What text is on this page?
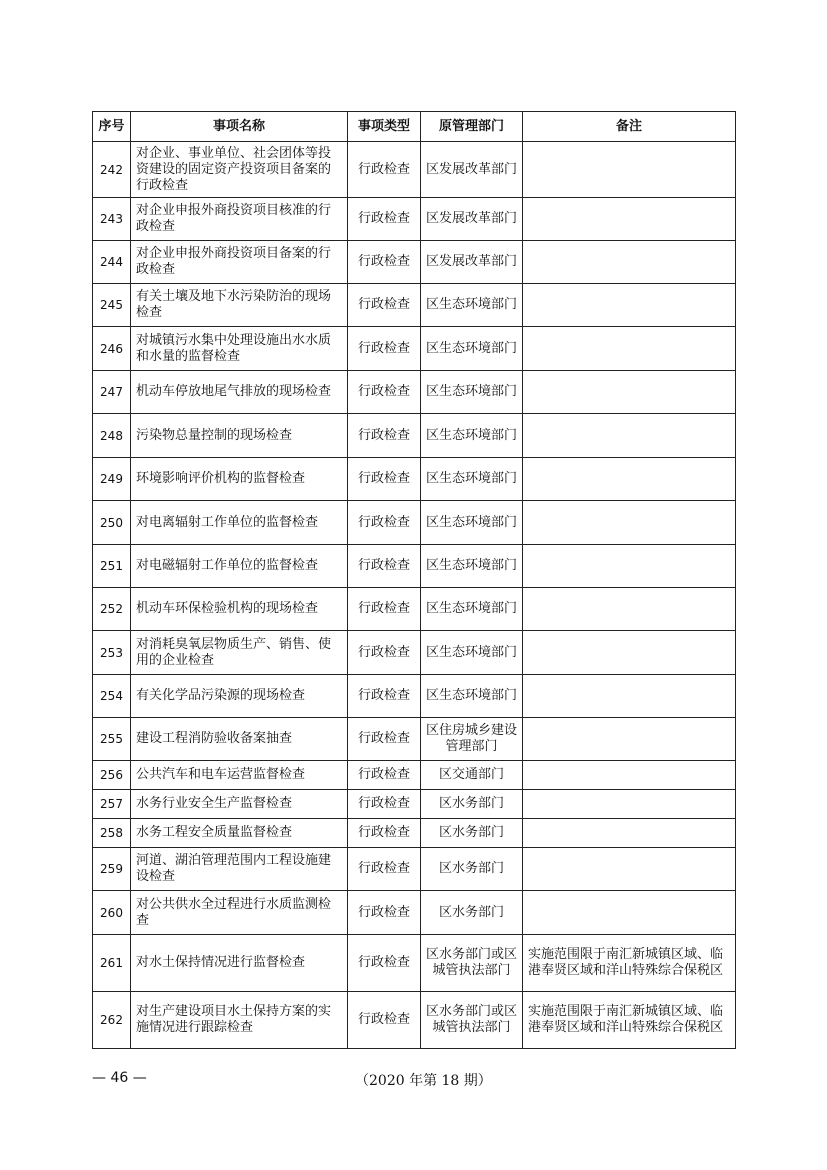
序号	事项名称	事项类型	原管理部门	备注
242	对企业、事业单位、社会团体等投资建设的固定资产投资项目备案的行政检查	行政检查	区发展改革部门	
243	对企业申报外商投资项目核准的行政检查	行政检查	区发展改革部门	
244	对企业申报外商投资项目备案的行政检查	行政检查	区发展改革部门	
245	有关土壤及地下水污染防治的现场检查	行政检查	区生态环境部门	
246	对城镇污水集中处理设施出水水质和水量的监督检查	行政检查	区生态环境部门	
247	机动车停放地尾气排放的现场检查	行政检查	区生态环境部门	
248	污染物总量控制的现场检查	行政检查	区生态环境部门	
249	环境影响评价机构的监督检查	行政检查	区生态环境部门	
250	对电离辐射工作单位的监督检查	行政检查	区生态环境部门	
251	对电磁辐射工作单位的监督检查	行政检查	区生态环境部门	
252	机动车环保检验机构的现场检查	行政检查	区生态环境部门	
253	对消耗臭氧层物质生产、销售、使用的企业检查	行政检查	区生态环境部门	
254	有关化学品污染源的现场检查	行政检查	区生态环境部门	
255	建设工程消防验收备案抽查	行政检查	区住房城乡建设管理部门	
256	公共汽车和电车运营监督检查	行政检查	区交通部门	
257	水务行业安全生产监督检查	行政检查	区水务部门	
258	水务工程安全质量监督检查	行政检查	区水务部门	
259	河道、湖泊管理范围内工程设施建设检查	行政检查	区水务部门	
260	对公共供水全过程进行水质监测检查	行政检查	区水务部门	
261	对水土保持情况进行监督检查	行政检查	区水务部门或区城管执法部门	实施范围限于南汇新城镇区域、临港奉贤区域和洋山特殊综合保税区
262	对生产建设项目水土保持方案的实施情况进行跟踪检查	行政检查	区水务部门或区城管执法部门	实施范围限于南汇新城镇区域、临港奉贤区域和洋山特殊综合保税区
— 46 —	（2020 年第 18 期）
